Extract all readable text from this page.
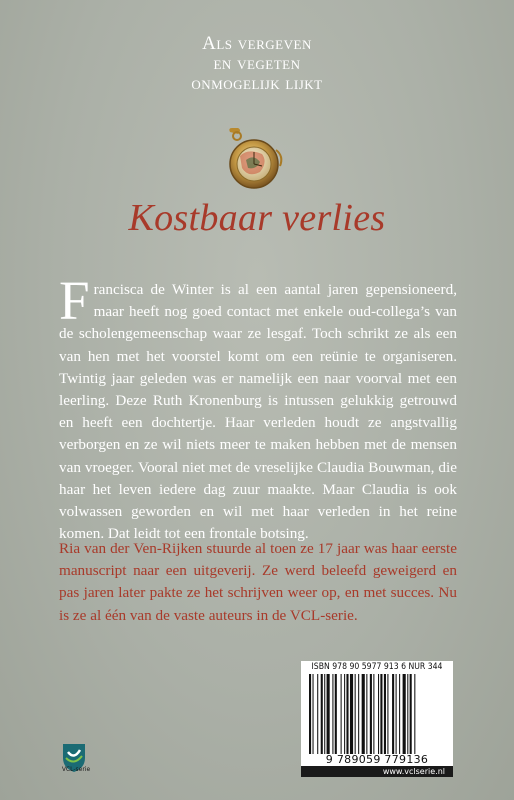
Als vergeven
en vegeten
onmogelijk lijkt
Kostbaar verlies

Francisca de Winter is al een aantal jaren gepensioneerd, maar heeft nog goed contact met enkele oud-collega’s van de scholengemeenschap waar ze lesgaf. Toch schrikt ze als een van hen met het voorstel komt om een reünie te organiseren. Twintig jaar geleden was er namelijk een naar voorval met een leerling. Deze Ruth Kronenburg is intussen gelukkig getrouwd en heeft een dochtertje. Haar verleden houdt ze angstvallig verborgen en ze wil niets meer te maken hebben met de mensen van vroeger. Vooral niet met de vreselijke Claudia Bouwman, die haar het leven iedere dag zuur maakte. Maar Claudia is ook volwassen geworden en wil met haar verleden in het reine komen. Dat leidt tot een frontale botsing.

Ria van der Ven-Rijken stuurde al toen ze 17 jaar was haar eerste manuscript naar een uitgeverij. Ze werd beleefd geweigerd en pas jaren later pakte ze het schrijven weer op, en met succes. Nu is ze al één van de vaste auteurs in de VCL-serie.

ISBN 978 90 5977 913 6 NUR 344
9 789059 779136
www.vclserie.nl
VCL-serie
